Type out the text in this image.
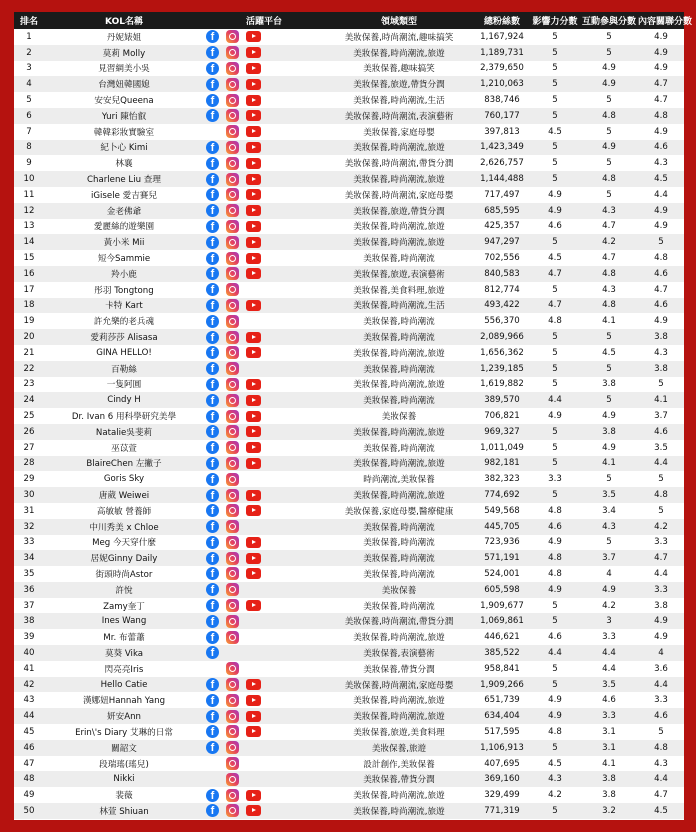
排名	KOL名稱	活躍平台	領域類型	總粉絲數	影響力分數	互動參與分數	內容關聯分數
1	丹妮婊姐	f	美妝保養,時尚潮流,趣味搞笑	1,167,924	5	5	4.9
2	莫莉 Molly	f	美妝保養,時尚潮流,旅遊	1,189,731	5	5	4.9
3	見習網美小吳	f	美妝保養,趣味搞笑	2,379,650	5	4.9	4.9
4	台灣妞韓國媳	f	美妝保養,旅遊,帶貨分潤	1,210,063	5	4.9	4.7
5	安安兒Queena	f	美妝保養,時尚潮流,生活	838,746	5	5	4.7
6	Yuri 陳怡叡	f	美妝保養,時尚潮流,表演藝術	760,177	5	4.8	4.8
7	韓韓彩妝實驗室		美妝保養,家庭母嬰	397,813	4.5	5	4.9
8	紀卜心 Kimi	f	美妝保養,時尚潮流,旅遊	1,423,349	5	4.9	4.6
9	林襄	f	美妝保養,時尚潮流,帶貨分潤	2,626,757	5	5	4.3
10	Charlene Liu 查理	f	美妝保養,時尚潮流,旅遊	1,144,488	5	4.8	4.5
11	iGisele 愛吉賽兒	f	美妝保養,時尚潮流,家庭母嬰	717,497	4.9	5	4.4
12	金老佛爺	f	美妝保養,旅遊,帶貨分潤	685,595	4.9	4.3	4.9
13	愛麗絲的遊樂園	f	美妝保養,時尚潮流,旅遊	425,357	4.6	4.7	4.9
14	黃小米 Mii	f	美妝保養,時尚潮流,旅遊	947,297	5	4.2	5
15	短今Sammie	f	美妝保養,時尚潮流	702,556	4.5	4.7	4.8
16	羚小鹿	f	美妝保養,旅遊,表演藝術	840,583	4.7	4.8	4.6
17	彤羽 Tongtong	f	美妝保養,美食料理,旅遊	812,774	5	4.3	4.7
18	卡特 Kart	f	美妝保養,時尚潮流,生活	493,422	4.7	4.8	4.6
19	許允樂的老兵魂	f	美妝保養,時尚潮流	556,370	4.8	4.1	4.9
20	愛莉莎莎 Alisasa	f	美妝保養,時尚潮流	2,089,966	5	5	3.8
21	GINA HELLO!	f	美妝保養,時尚潮流,旅遊	1,656,362	5	4.5	4.3
22	百勒絲	f	美妝保養,時尚潮流	1,239,185	5	5	3.8
23	一隻阿圓	f	美妝保養,時尚潮流,旅遊	1,619,882	5	3.8	5
24	Cindy H	f	美妝保養,時尚潮流	389,570	4.4	5	4.1
25	Dr. Ivan 6 用科學研究美學	f	美妝保養	706,821	4.9	4.9	3.7
26	Natalie吳斐莉	f	美妝保養,時尚潮流,旅遊	969,327	5	3.8	4.6
27	巫苡萱	f	美妝保養,時尚潮流	1,011,049	5	4.9	3.5
28	BlaireChen 左撇子	f	美妝保養,時尚潮流,旅遊	982,181	5	4.1	4.4
29	Goris Sky	f	時尚潮流,美妝保養	382,323	3.3	5	5
30	唐葳 Weiwei	f	美妝保養,時尚潮流,旅遊	774,692	5	3.5	4.8
31	高敏敏 營養師	f	美妝保養,家庭母嬰,醫療健康	549,568	4.8	3.4	5
32	中川秀美 x Chloe	f	美妝保養,時尚潮流	445,705	4.6	4.3	4.2
33	Meg 今天穿什麼	f	美妝保養,時尚潮流	723,936	4.9	5	3.3
34	居妮Ginny Daily	f	美妝保養,時尚潮流	571,191	4.8	3.7	4.7
35	街頭時尚Astor	f	美妝保養,時尚潮流	524,001	4.8	4	4.4
36	許悅	f	美妝保養	605,598	4.9	4.9	3.3
37	Zamy奎丁	f	美妝保養,時尚潮流	1,909,677	5	4.2	3.8
38	Ines Wang	f	美妝保養,時尚潮流,帶貨分潤	1,069,861	5	3	4.9
39	Mr. 布蕾蕭	f	美妝保養,時尚潮流,旅遊	446,621	4.6	3.3	4.9
40	莫葵 Vika	f	美妝保養,表演藝術	385,522	4.4	4.4	4
41	閃亮亮Iris		美妝保養,帶貨分潤	958,841	5	4.4	3.6
42	Hello Catie	f	美妝保養,時尚潮流,家庭母嬰	1,909,266	5	3.5	4.4
43	漢娜妞Hannah Yang	f	美妝保養,時尚潮流,旅遊	651,739	4.9	4.6	3.3
44	妍安Ann	f	美妝保養,時尚潮流,旅遊	634,404	4.9	3.3	4.6
45	Erin\'s Diary 艾琳的日常	f	美妝保養,旅遊,美食料理	517,595	4.8	3.1	5
46	關韶文	f	美妝保養,旅遊	1,106,913	5	3.1	4.8
47	段瑞瑤(瑤兒)		設計創作,美妝保養	407,695	4.5	4.1	4.3
48	Nikki		美妝保養,帶貨分潤	369,160	4.3	3.8	4.4
49	裴薇	f	美妝保養,時尚潮流,旅遊	329,499	4.2	3.8	4.7
50	林萱 Shiuan	f	美妝保養,時尚潮流,旅遊	771,319	5	3.2	4.5
